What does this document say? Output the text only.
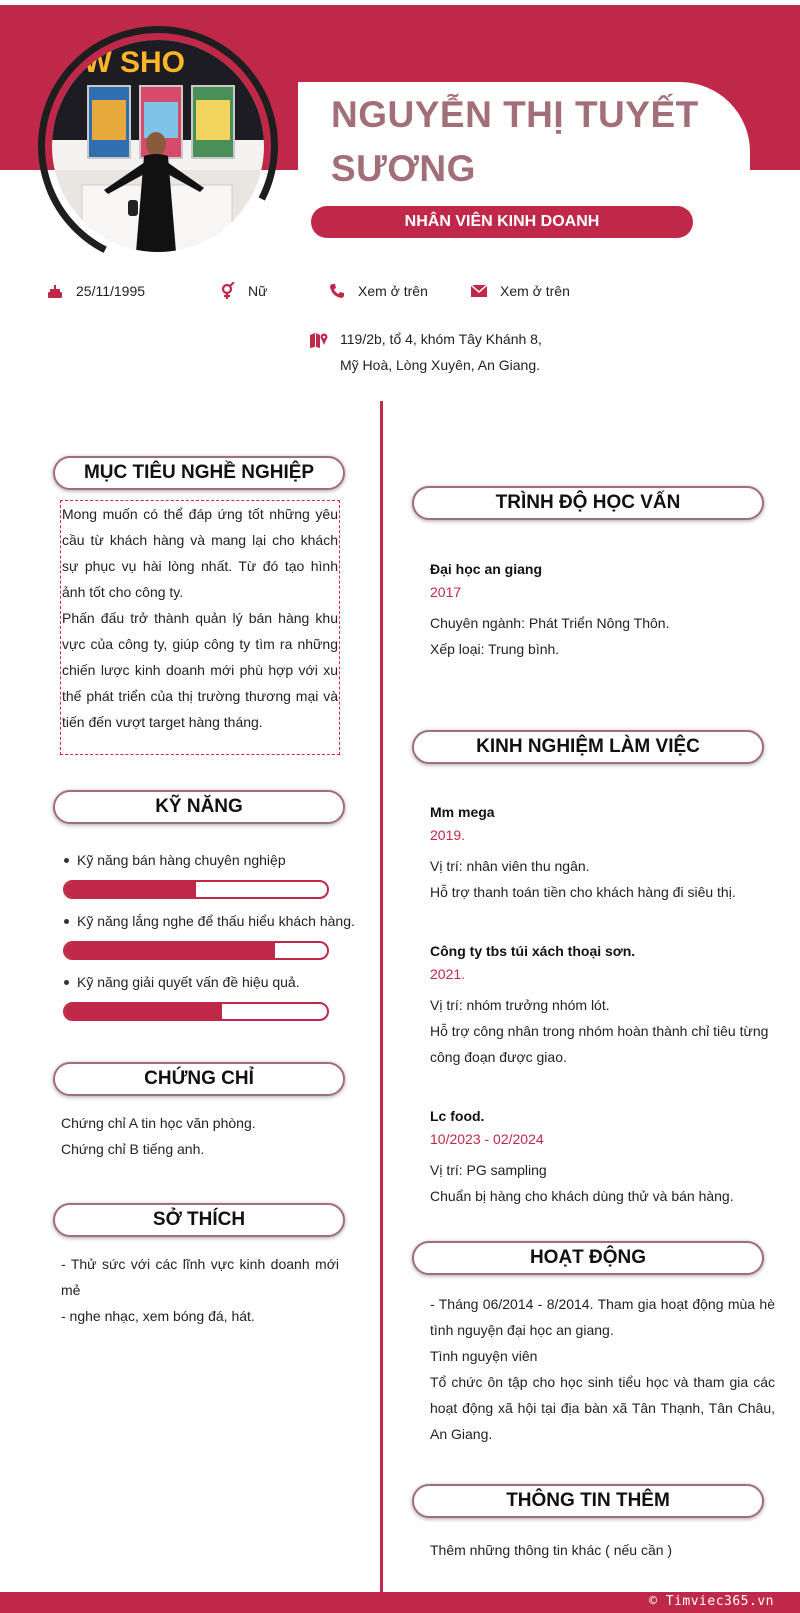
OW SHO
NGUYỄN THỊ TUYẾT SƯƠNG
NHÂN VIÊN KINH DOANH
25/11/1995	Nữ	Xem ở trên	Xem ở trên
119/2b, tổ 4, khóm Tây Khánh 8,
Mỹ Hoà, Lòng Xuyên, An Giang.
MỤC TIÊU NGHỀ NGHIỆP

Mong muốn có thể đáp ứng tốt những yêu cầu từ khách hàng và mang lại cho khách sự phục vụ hài lòng nhất. Từ đó tạo hình ảnh tốt cho công ty.

Phấn đấu trở thành quản lý bán hàng khu vực của công ty, giúp công ty tìm ra những chiến lược kinh doanh mới phù hợp với xu thế phát triển của thị trường thương mại và tiến đến vượt target hàng tháng.

KỸ NĂNG
Kỹ năng bán hàng chuyên nghiệp
Kỹ năng lắng nghe để thấu hiểu khách hàng.
Kỹ năng giải quyết vấn đề hiệu quả.
CHỨNG CHỈ
Chứng chỉ A tin học văn phòng.
Chứng chỉ B tiếng anh.
SỞ THÍCH
- Thử sức với các lĩnh vực kinh doanh mới mẻ
- nghe nhạc, xem bóng đá, hát.
TRÌNH ĐỘ HỌC VẤN
Đại học an giang
2017
Chuyên ngành: Phát Triển Nông Thôn.
Xếp loại: Trung bình.
KINH NGHIỆM LÀM VIỆC
Mm mega
2019.
Vị trí: nhân viên thu ngân.
Hỗ trợ thanh toán tiền cho khách hàng đi siêu thị.
Công ty tbs túi xách thoại sơn.
2021.
Vị trí: nhóm trưởng nhóm lót.
Hỗ trợ công nhân trong nhóm hoàn thành chỉ tiêu từng công đoạn được giao.
Lc food.
10/2023 - 02/2024
Vị trí: PG sampling
Chuẩn bị hàng cho khách dùng thử và bán hàng.
HOẠT ĐỘNG
- Tháng 06/2014 - 8/2014. Tham gia hoạt động mùa hè tình nguyện đại học an giang.
Tình nguyện viên
Tổ chức ôn tập cho học sinh tiểu học và tham gia các hoạt động xã hội tại địa bàn xã Tân Thạnh, Tân Châu, An Giang.
THÔNG TIN THÊM
Thêm những thông tin khác ( nếu cần )
© Timviec365.vn
